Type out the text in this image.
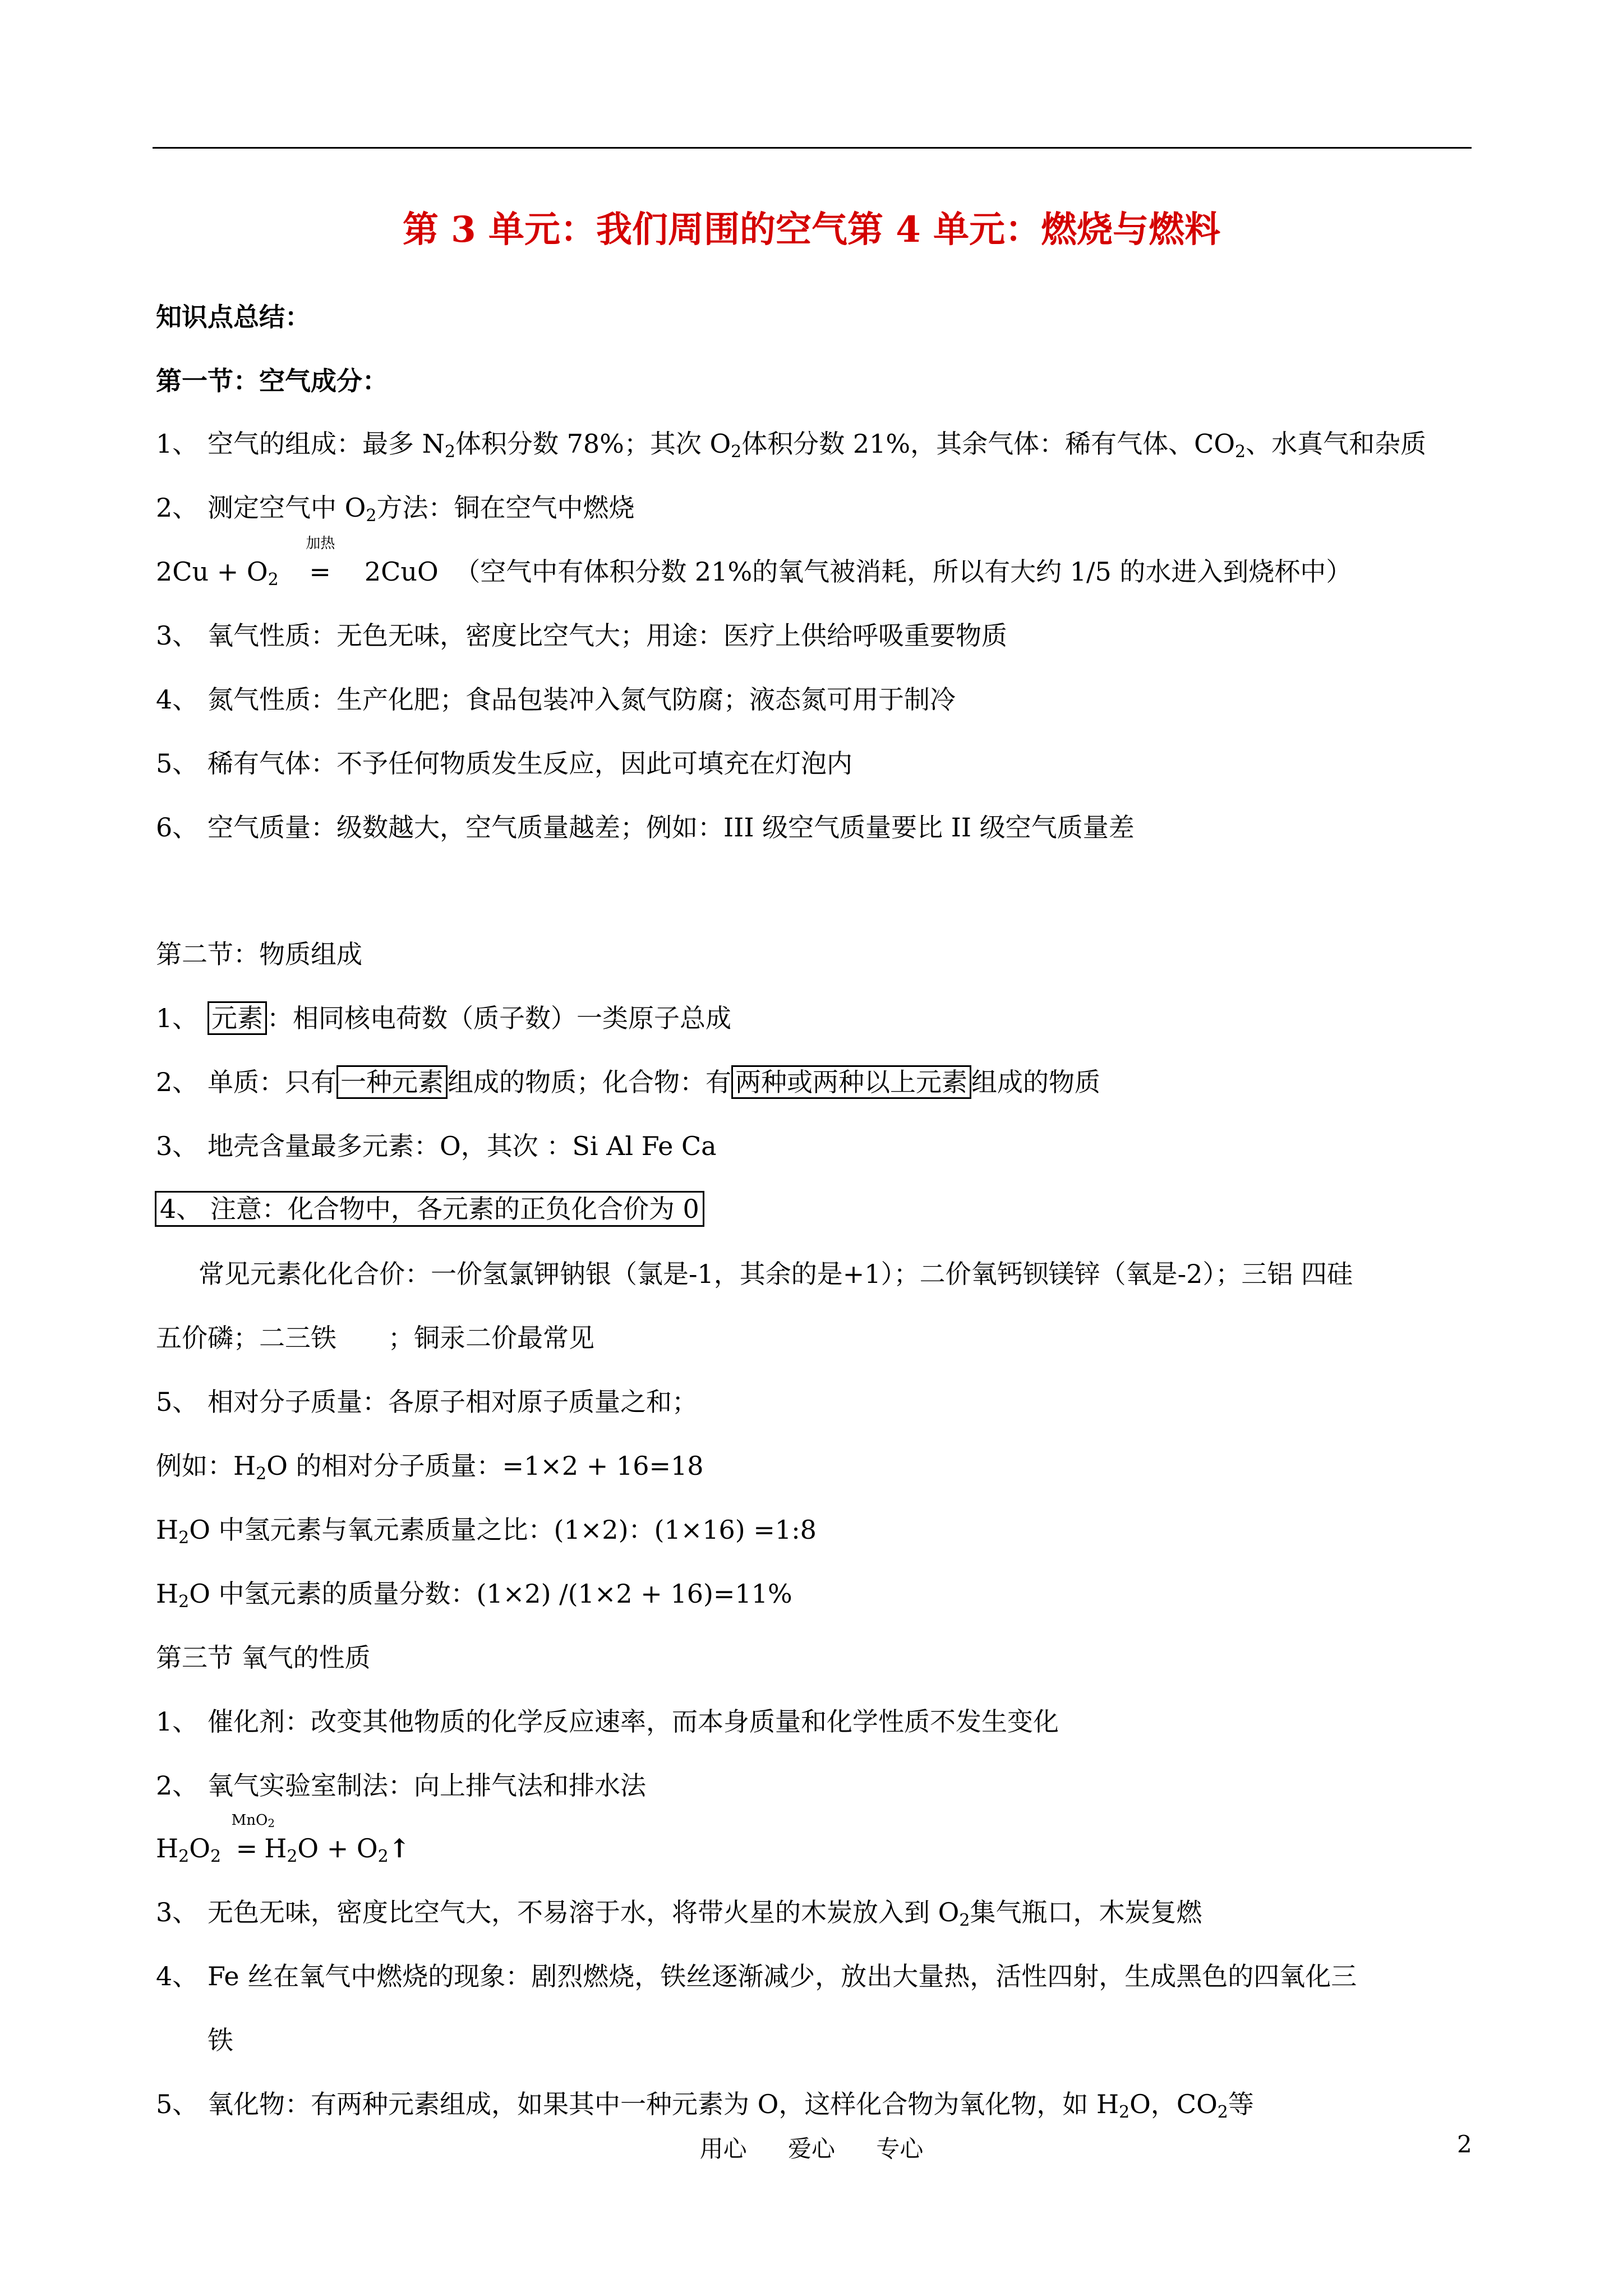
第 3 单元：我们周围的空气第 4 单元：燃烧与燃料
知识点总结：
第一节：空气成分：
1、 空气的组成：最多 $N_2$体积分数 78%；其次 $O_2$体积分数 21%，其余气体：稀有气体、$CO_2$、水真气和杂质
2、 测定空气中 $O_2$方法：铜在空气中燃烧
$2Cu + O_2$
加热
= 2CuO （空气中有体积分数 21%的氧气被消耗，所以有大约 1/5 的水进入到烧杯中）
3、 氧气性质：无色无味，密度比空气大；用途：医疗上供给呼吸重要物质
4、 氮气性质：生产化肥；食品包装冲入氮气防腐；液态氮可用于制冷
5、 稀有气体：不予任何物质发生反应，因此可填充在灯泡内
6、 空气质量：级数越大，空气质量越差；例如：III 级空气质量要比 II 级空气质量差
第二节：物质组成
1、 元素 ：相同核电荷数（质子数）一类原子总成
2、 单质：只有 一种元素 组成的物质；化合物：有 两种或两种以上元素 组成的物质
3、 地壳含量最多元素：O，其次 ：Si Al Fe Ca
4、 注意：化合物中，各元素的正负化合价为 0
常见元素化化合价：一价氢氯钾钠银（氯是-1，其余的是+1）；二价氧钙钡镁锌（氧是-2）；三铝 四硅
五价磷；二三铁　　；铜汞二价最常见
5、 相对分子质量：各原子相对原子质量之和；
例如：$H_2O$ 的相对分子质量：=1×2 + 16=18
$H_2O$ 中氢元素与氧元素质量之比：(1×2)：(1×16) =1:8
$H_2O$ 中氢元素的质量分数：(1×2) /(1×2 + 16)=11%
第三节 氧气的性质
1、 催化剂：改变其他物质的化学反应速率，而本身质量和化学性质不发生变化
2、 氧气实验室制法：向上排气法和排水法
$H_2O_2$
MnO$_2$
= $H_2O$ + $O_2↑$
3、 无色无味，密度比空气大，不易溶于水，将带火星的木炭放入到 $O_2$集气瓶口，木炭复燃
4、 Fe 丝在氧气中燃烧的现象：剧烈燃烧，铁丝逐渐减少，放出大量热，活性四射，生成黑色的四氧化三
铁
5、 氧化物：有两种元素组成，如果其中一种元素为 O，这样化合物为氧化物，如 $H_2O$，$CO_2$等
用心 爱心 专心	2
